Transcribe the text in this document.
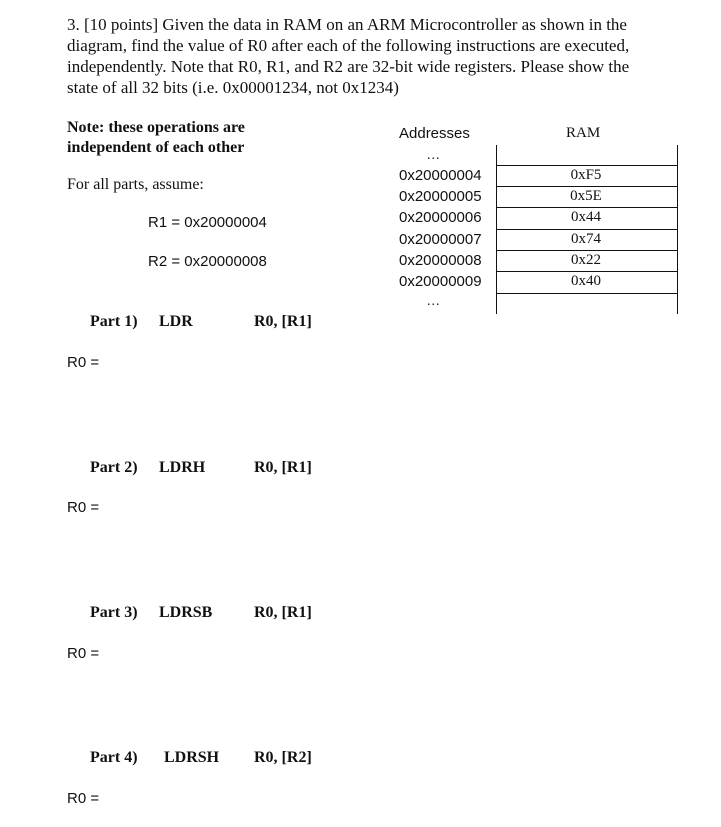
3. [10 points] Given the data in RAM on an ARM Microcontroller as shown in the
diagram, find the value of R0 after each of the following instructions are executed,
independently. Note that R0, R1, and R2 are 32-bit wide registers. Please show the
state of all 32 bits (i.e. 0x00001234, not 0x1234)
Note: these operations are
independent of each other
For all parts, assume:
R1 = 0x20000004
R2 = 0x20000008
Addresses	RAM
...
0x20000004	0xF5
0x20000005	0x5E
0x20000006	0x44
0x20000007	0x74
0x20000008	0x22
0x20000009	0x40
...
Part 1) LDR	R0, [R1]
R0 =
Part 2) LDRH	R0, [R1]
R0 =
Part 3) LDRSB	R0, [R1]
R0 =
Part 4) LDRSH R0, [R2]
R0 =
